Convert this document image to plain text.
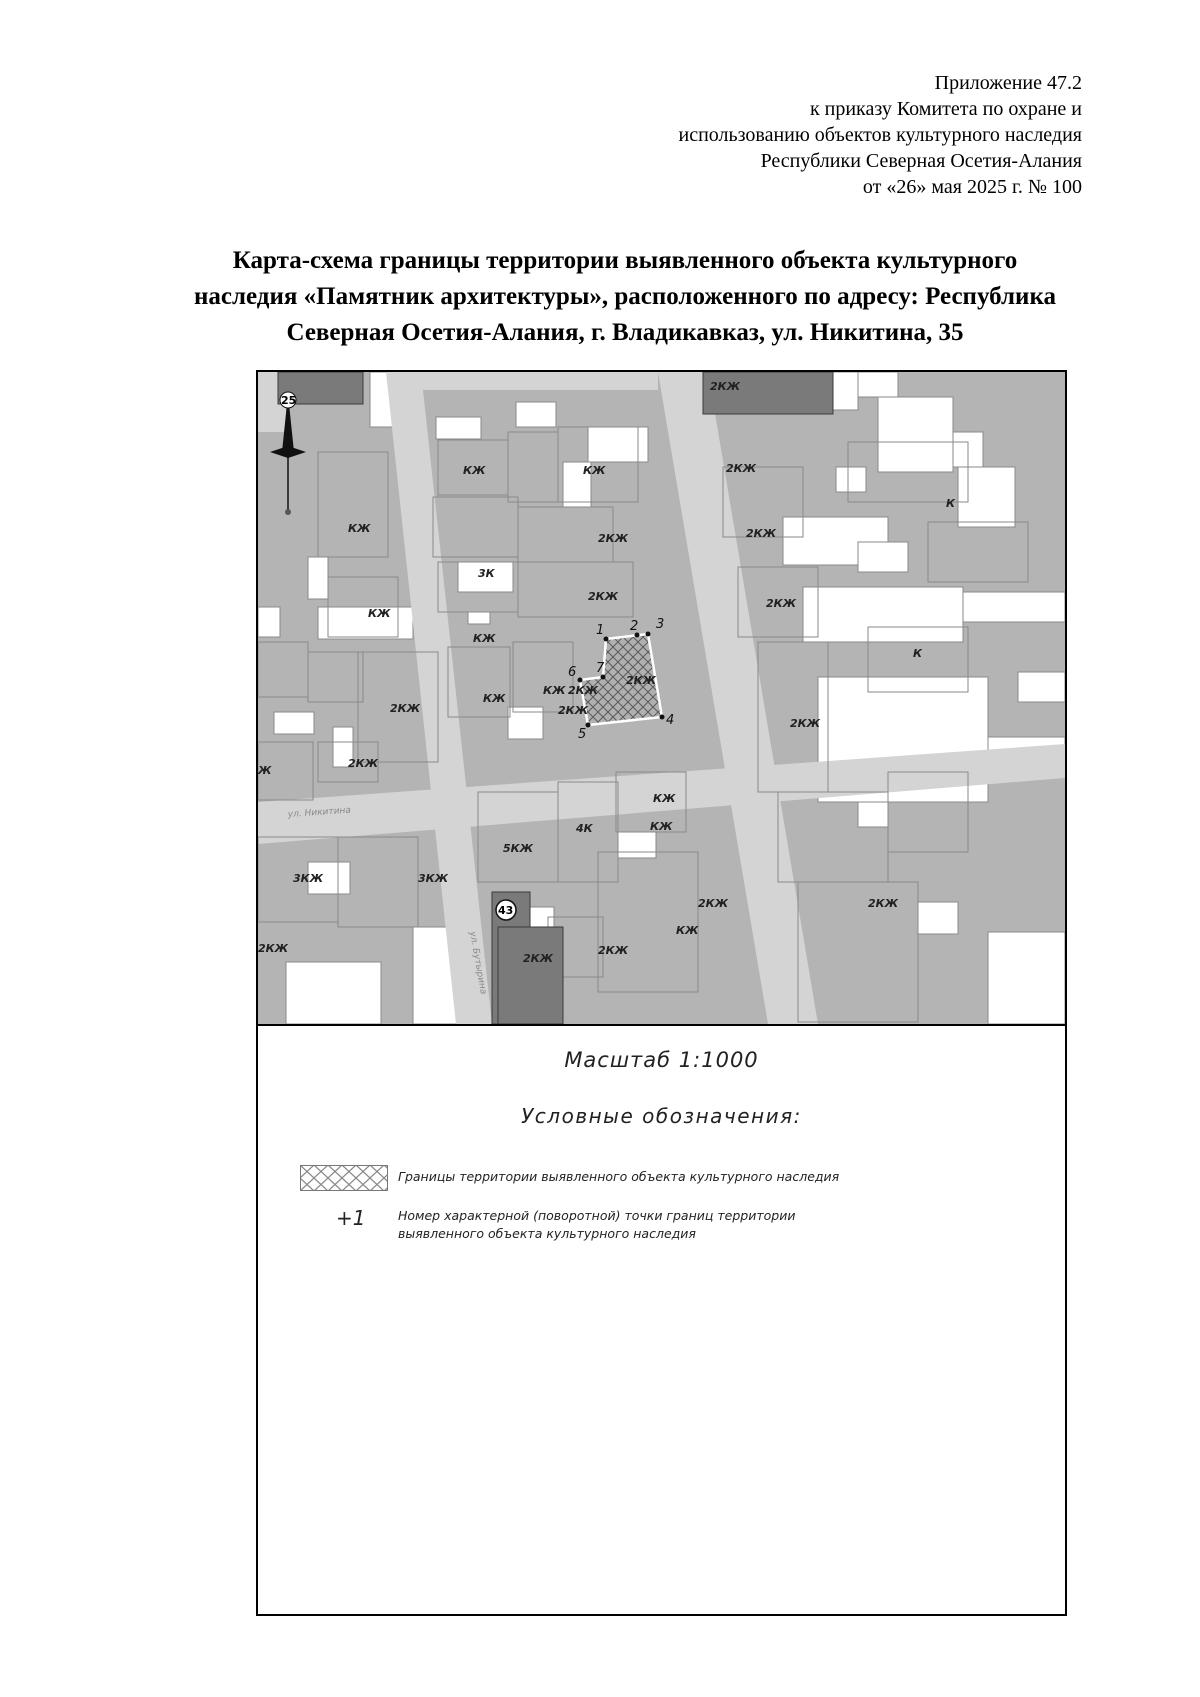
Приложение 47.2
к приказу Комитета по охране и
использованию объектов культурного наследия
Республики Северная Осетия-Алания
от «26» мая 2025 г. № 100
Карта-схема границы территории выявленного объекта культурного
наследия «Памятник архитектуры», расположенного по адресу: Республика
Северная Осетия-Алания, г. Владикавказ, ул. Никитина, 35
1 2 3
4
5
6 7
25
43
ул. Никитина
ул. Бутырина
КЖ	КЖ
КЖ
КЖ
2КЖ
КЖ
2КЖ
КЖ
2КЖ
3К
2КЖ
КЖ
КЖ
2КЖ
2КЖ
2КЖ
2КЖ
2КЖ
К
2КЖ
К
2КЖ
КЖ
5КЖ
4К
3КЖ	3КЖ
2КЖ
2КЖ
2КЖ
2КЖ	2КЖ
Ж
2КЖ
КЖ
Масштаб 1:1000
Условные обозначения:
Границы территории выявленного объекта культурного наследия
+1	Номер характерной (поворотной) точки границ территории
выявленного объекта культурного наследия
